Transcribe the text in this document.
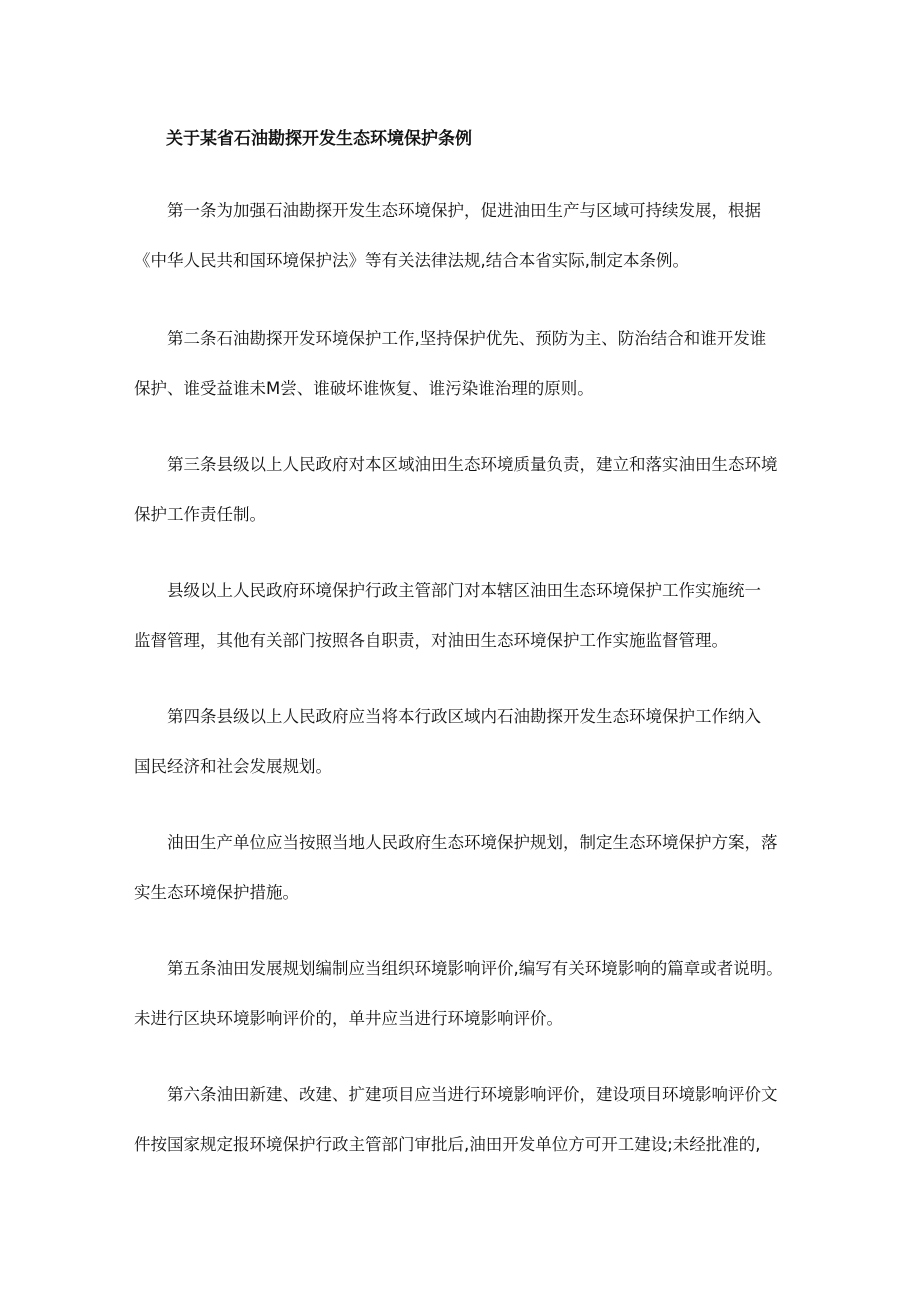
关于某省石油勘探开发生态环境保护条例

第一条为加强石油勘探开发生态环境保护，促进油田生产与区域可持续发展，根据
《中华人民共和国环境保护法》等有关法律法规,结合本省实际,制定本条例。

第二条石油勘探开发环境保护工作,坚持保护优先、预防为主、防治结合和谁开发谁
保护、谁受益谁未M尝、谁破坏谁恢复、谁污染谁治理的原则。

第三条县级以上人民政府对本区域油田生态环境质量负责，建立和落实油田生态环境
保护工作责任制。

县级以上人民政府环境保护行政主管部门对本辖区油田生态环境保护工作实施统一
监督管理，其他有关部门按照各自职责，对油田生态环境保护工作实施监督管理。

第四条县级以上人民政府应当将本行政区域内石油勘探开发生态环境保护工作纳入
国民经济和社会发展规划。

油田生产单位应当按照当地人民政府生态环境保护规划，制定生态环境保护方案，落
实生态环境保护措施。

第五条油田发展规划编制应当组织环境影响评价,编写有关环境影响的篇章或者说明。
未进行区块环境影响评价的，单井应当进行环境影响评价。

第六条油田新建、改建、扩建项目应当进行环境影响评价，建设项目环境影响评价文
件按国家规定报环境保护行政主管部门审批后,油田开发单位方可开工建设;未经批准的,
